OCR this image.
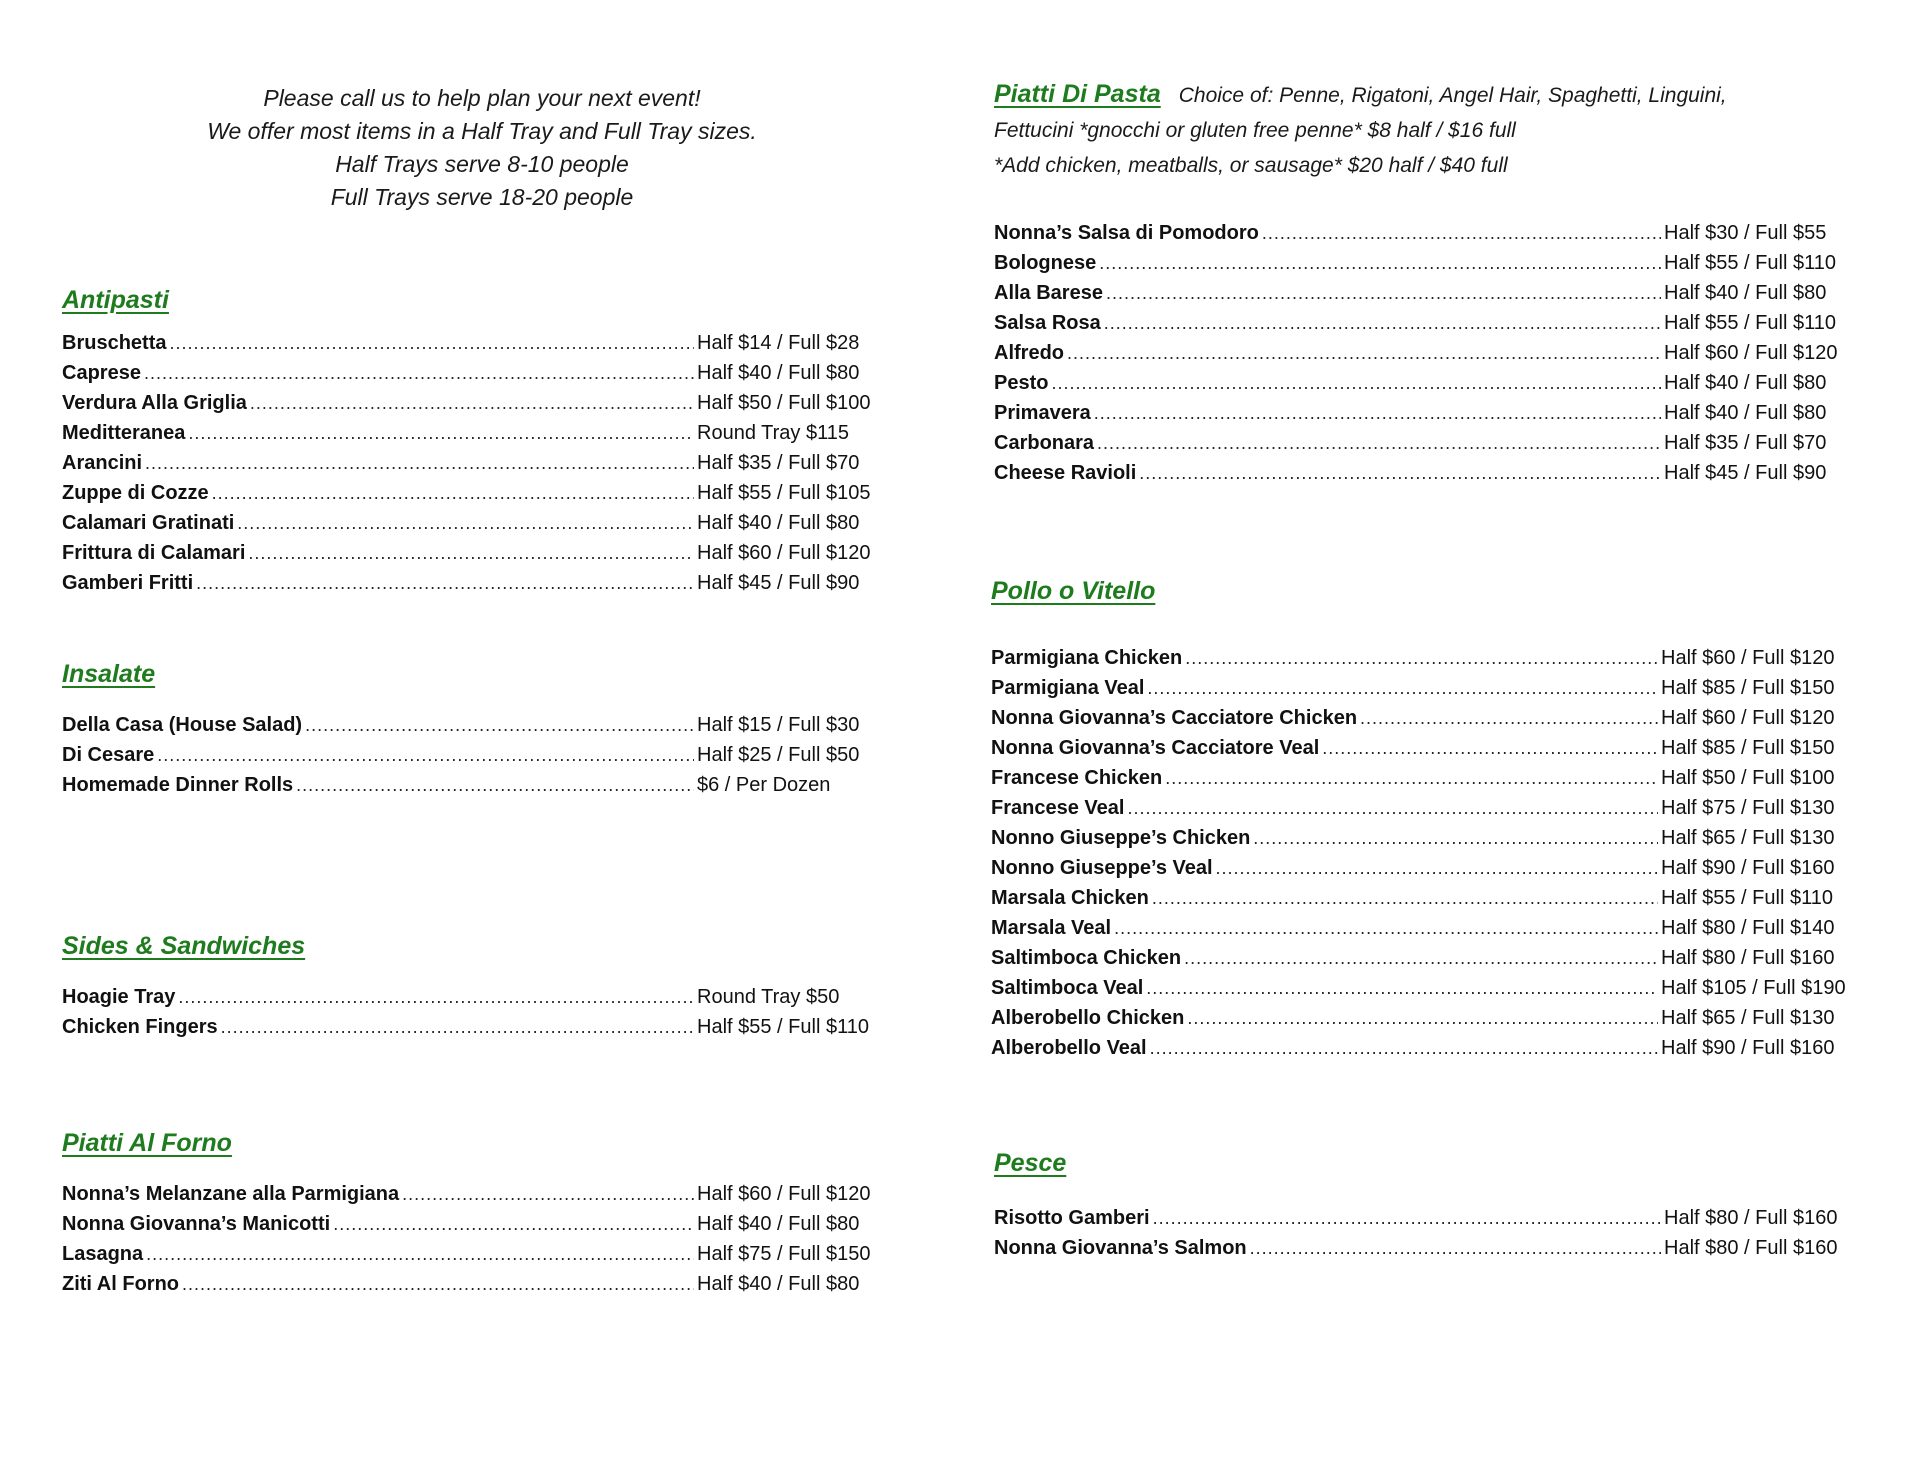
Please call us to help plan your next event!
We offer most items in a Half Tray and Full Tray sizes.
Half Trays serve 8-10 people
Full Trays serve 18-20 people
Antipasti
Bruschetta .....	Half $14 / Full $28
Caprese .....	Half $40 / Full $80
Verdura Alla Griglia .....	Half $50 / Full $100
Meditteranea .....	Round Tray $115
Arancini .....	Half $35 / Full $70
Zuppe di Cozze .....	Half $55 / Full $105
Calamari Gratinati .....	Half $40 / Full $80
Frittura di Calamari .....	Half $60 / Full $120
Gamberi Fritti .....	Half $45 / Full $90
Insalate
Della Casa (House Salad) .....	Half $15 / Full $30
Di Cesare .....	Half $25 / Full $50
Homemade Dinner Rolls .....	$6 / Per Dozen
Sides & Sandwiches
Hoagie Tray .....	Round Tray $50
Chicken Fingers .....	Half $55 / Full $110
Piatti Al Forno
Nonna’s Melanzane alla Parmigiana .....	Half $60 / Full $120
Nonna Giovanna’s Manicotti .....	Half $40 / Full $80
Lasagna .....	Half $75 / Full $150
Ziti Al Forno .....	Half $40 / Full $80
Piatti Di Pasta Choice of: Penne, Rigatoni, Angel Hair, Spaghetti, Linguini,
Fettucini *gnocchi or gluten free penne* $8 half / $16 full
*Add chicken, meatballs, or sausage* $20 half / $40 full
Nonna’s Salsa di Pomodoro .....	Half $30 / Full $55
Bolognese .....	Half $55 / Full $110
Alla Barese .....	Half $40 / Full $80
Salsa Rosa .....	Half $55 / Full $110
Alfredo .....	Half $60 / Full $120
Pesto .....	Half $40 / Full $80
Primavera .....	Half $40 / Full $80
Carbonara .....	Half $35 / Full $70
Cheese Ravioli .....	Half $45 / Full $90
Pollo o Vitello
Parmigiana Chicken .....	Half $60 / Full $120
Parmigiana Veal .....	Half $85 / Full $150
Nonna Giovanna’s Cacciatore Chicken .....	Half $60 / Full $120
Nonna Giovanna’s Cacciatore Veal .....	Half $85 / Full $150
Francese Chicken .....	Half $50 / Full $100
Francese Veal .....	Half $75 / Full $130
Nonno Giuseppe’s Chicken .....	Half $65 / Full $130
Nonno Giuseppe’s Veal .....	Half $90 / Full $160
Marsala Chicken .....	Half $55 / Full $110
Marsala Veal .....	Half $80 / Full $140
Saltimboca Chicken .....	Half $80 / Full $160
Saltimboca Veal .....	Half $105 / Full $190
Alberobello Chicken .....	Half $65 / Full $130
Alberobello Veal .....	Half $90 / Full $160
Pesce
Risotto Gamberi .....	Half $80 / Full $160
Nonna Giovanna’s Salmon .....	Half $80 / Full $160
